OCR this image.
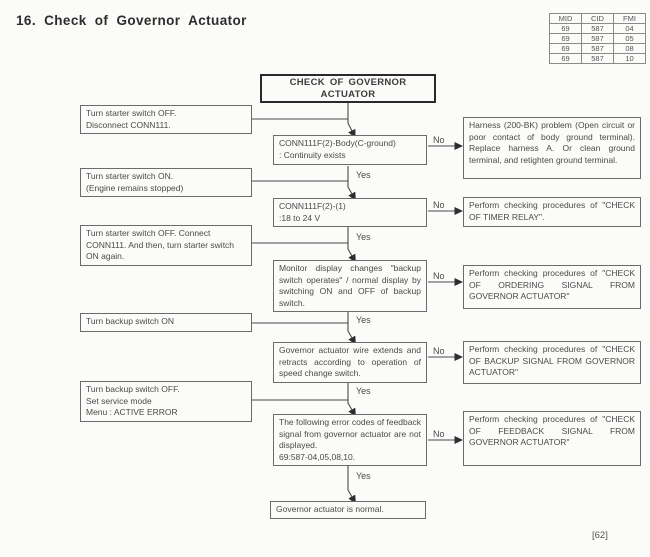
16. Check of Governor Actuator	MID	CID	FMI
69	587	04
69	587	05
69	587	08
69	587	10
Yes
Yes
Yes
Yes
Yes
No
No
No
No
No
CHECK OF GOVERNOR
ACTUATOR
Turn starter switch OFF.
Disconnect CONN111.
Turn starter switch ON.
(Engine remains stopped)
Turn starter switch OFF. Connect CONN111. And then, turn starter switch ON again.
Turn backup switch ON
Turn backup switch OFF.
Set service mode
Menu : ACTIVE ERROR
CONN111F(2)-Body(C-ground)
: Continuity exists
CONN111F(2)-(1)
:18 to 24 V
Monitor display changes "backup switch operates" / normal display by switching ON and OFF of backup switch.
Governor actuator wire extends and retracts according to operation of speed change switch.
The following error codes of feedback signal from governor actuator are not displayed.
69:587-04,05,08,10.
Harness (200-BK) problem (Open circuit or poor contact of body ground terminal). Replace harness A. Or clean ground terminal, and retighten ground terminal.
Perform checking procedures of "CHECK OF TIMER RELAY".
Perform checking procedures of "CHECK OF ORDERING SIGNAL FROM GOVERNOR ACTUATOR"
Perform checking procedures of "CHECK OF BACKUP SIGNAL FROM GOVERNOR ACTUATOR"
Perform checking procedures of "CHECK OF FEEDBACK SIGNAL FROM GOVERNOR ACTUATOR"
Governor actuator is normal.
[62]
